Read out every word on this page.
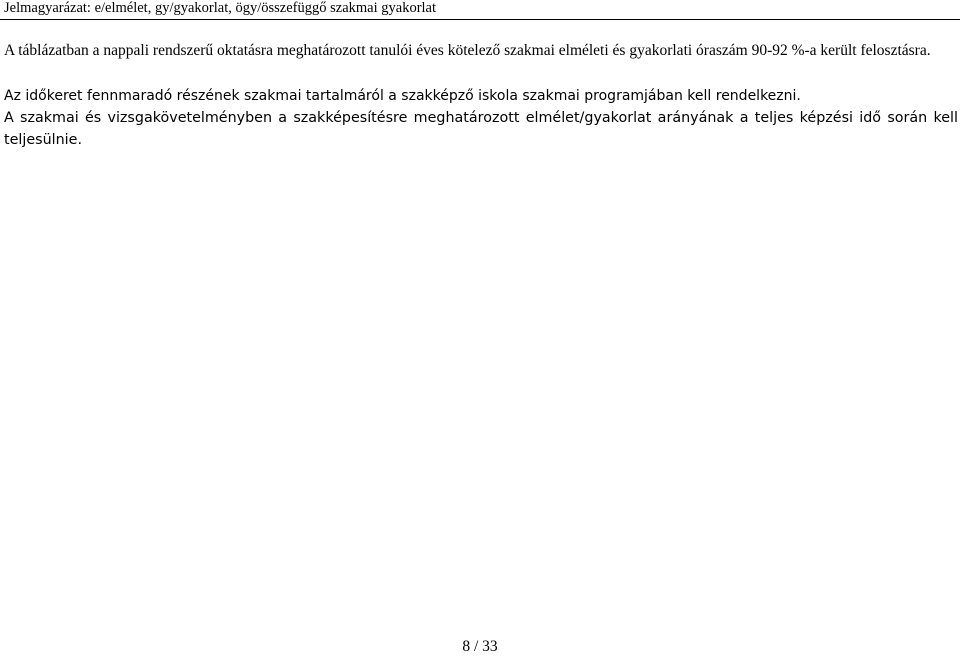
Jelmagyarázat: e/elmélet, gy/gyakorlat, ögy/összefüggő szakmai gyakorlat

A táblázatban a nappali rendszerű oktatásra meghatározott tanulói éves kötelező szakmai elméleti és gyakorlati óraszám 90-92 %-a került felosztásra.

Az időkeret fennmaradó részének szakmai tartalmáról a szakképző iskola szakmai programjában kell rendelkezni.

A szakmai és vizsgakövetelményben a szakképesítésre meghatározott elmélet/gyakorlat arányának a teljes képzési idő során kell teljesülnie.

8 / 33
